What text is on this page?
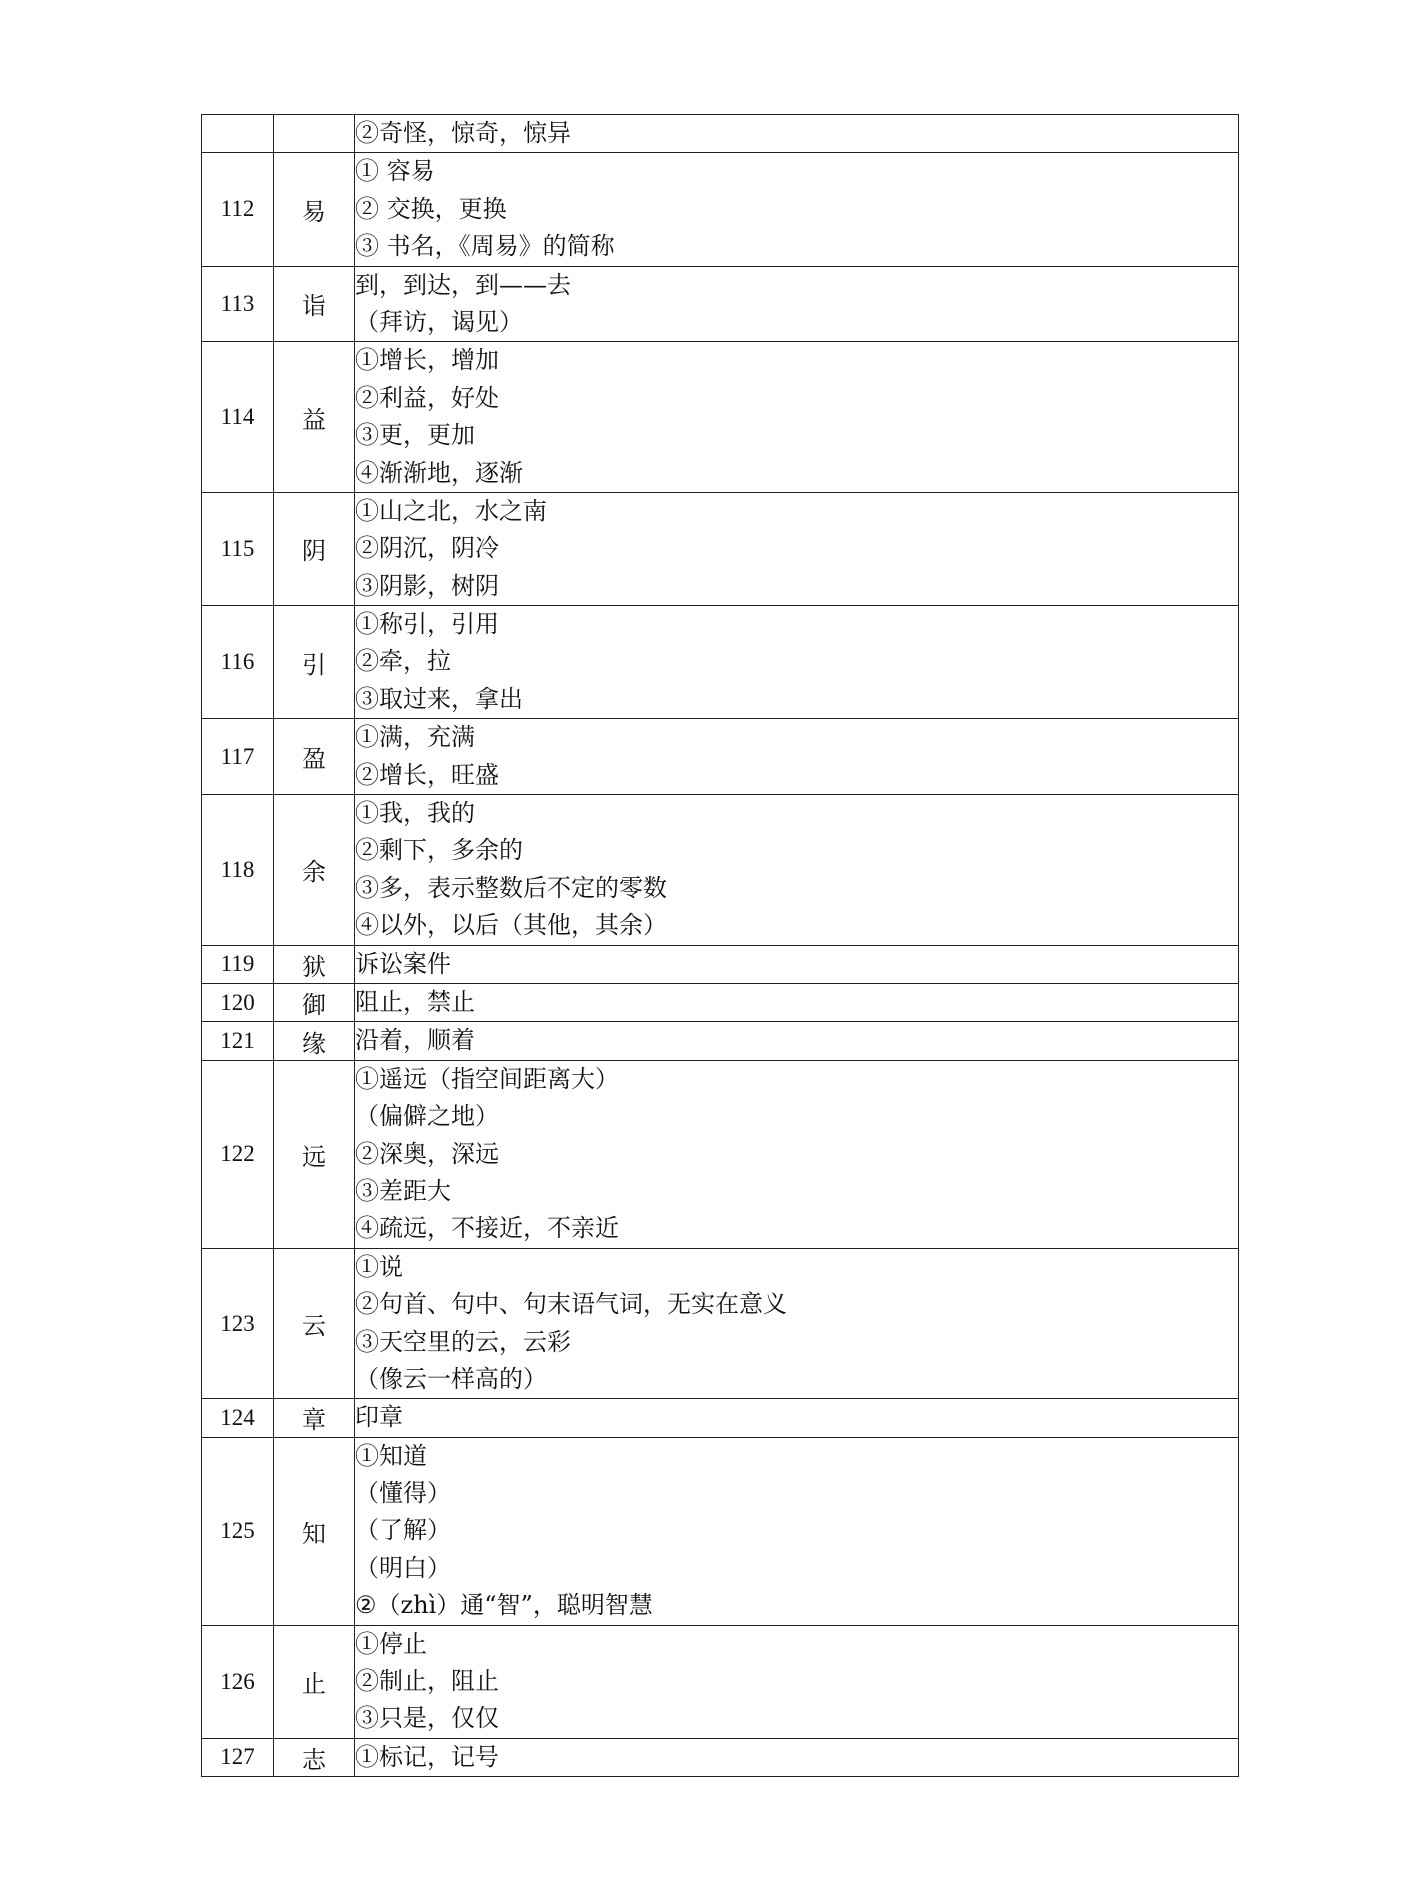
		②奇怪，惊奇，惊异

112	易	① 容易
② 交换，更换
③ 书名，《周易》的简称

113	诣	到，到达，到——去
（拜访，谒见）

114	益	①增长，增加
②利益，好处
③更，更加
④渐渐地，逐渐

115	阴	①山之北，水之南
②阴沉，阴冷
③阴影，树阴

116	引	①称引，引用
②牵，拉
③取过来，拿出

117	盈	①满，充满
②增长，旺盛

118	余	①我，我的
②剩下，多余的
③多，表示整数后不定的零数
④以外，以后（其他，其余）

119	狱	诉讼案件

120	御	阻止，禁止

121	缘	沿着，顺着

122	远	①遥远（指空间距离大）
（偏僻之地）
②深奥，深远
③差距大
④疏远，不接近，不亲近

123	云	①说
②句首、句中、句末语气词，无实在意义
③天空里的云，云彩
（像云一样高的）

124	章	印章

125	知	①知道
（懂得）
（了解）
（明白）
②（zhì）通“智”，聪明智慧

126	止	①停止
②制止，阻止
③只是，仅仅

127	志	①标记，记号
